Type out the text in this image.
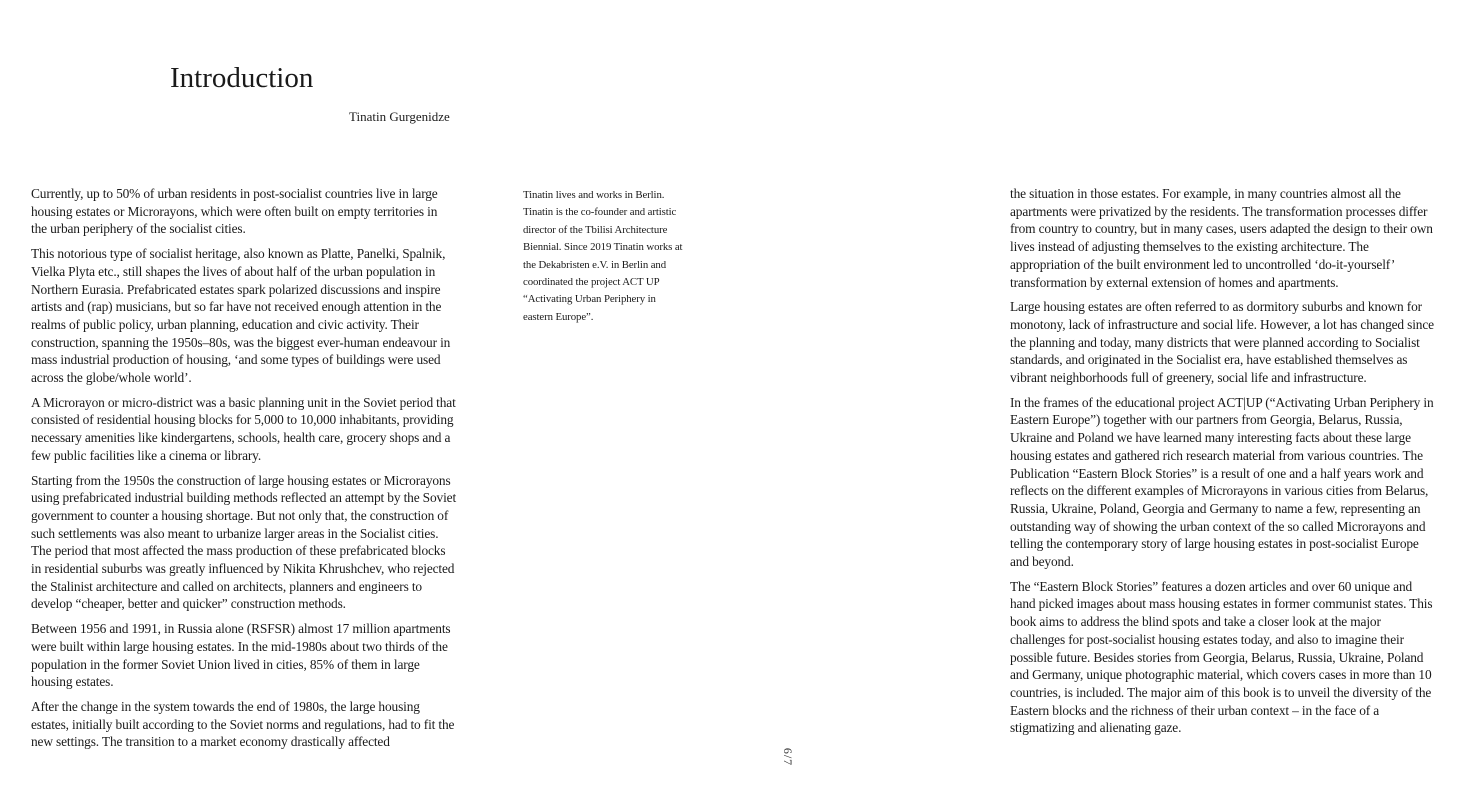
Introduction
Tinatin Gurgenidze

Currently, up to 50% of urban residents in post-socialist countries live in large housing estates or Microrayons, which were often built on empty territories in the urban periphery of the socialist cities.

This notorious type of socialist heritage, also known as Platte, Panelki, Spalnik, Vielka Plyta etc., still shapes the lives of about half of the urban population in Northern Eurasia. Prefabricated estates spark polarized discussions and inspire artists and (rap) musicians, but so far have not received enough attention in the realms of public policy, urban planning, education and civic activity. Their construction, spanning the 1950s–80s, was the biggest ever-human endeavour in mass industrial production of housing, ‘and some types of buildings were used across the globe/whole world’.

A Microrayon or micro-district was a basic planning unit in the Soviet period that consisted of residential housing blocks for 5,000 to 10,000 inhabitants, providing necessary amenities like kindergartens, schools, health care, grocery shops and a few public facilities like a cinema or library.

Starting from the 1950s the construction of large housing estates or Microrayons using prefabricated industrial building methods reflected an attempt by the Soviet government to counter a housing shortage. But not only that, the construction of such settlements was also meant to urbanize larger areas in the Socialist cities. The period that most affected the mass production of these prefabricated blocks in residential suburbs was greatly influenced by Nikita Khrushchev, who rejected the Stalinist architecture and called on architects, planners and engineers to develop “cheaper, better and quicker” construction methods.

Between 1956 and 1991, in Russia alone (RSFSR) almost 17 million apartments were built within large housing estates. In the mid-1980s about two thirds of the population in the former Soviet Union lived in cities, 85% of them in large housing estates.

After the change in the system towards the end of 1980s, the large housing estates, initially built according to the Soviet norms and regulations, had to fit the new settings. The transition to a market economy drastically affected

Tinatin lives and works in Berlin. Tinatin is the co-founder and artistic director of the Tbilisi Architecture Biennial. Since 2019 Tinatin works at the Dekabristen e.V. in Berlin and coordinated the project ACT UP “Activating Urban Periphery in eastern Europe”.

the situation in those estates. For example, in many countries almost all the apartments were privatized by the residents. The transformation processes differ from country to country, but in many cases, users adapted the design to their own lives instead of adjusting themselves to the existing architecture. The appropriation of the built environment led to uncontrolled ‘do-it-yourself’ transformation by external extension of homes and apartments.

Large housing estates are often referred to as dormitory suburbs and known for monotony, lack of infrastructure and social life. However, a lot has changed since the planning and today, many districts that were planned according to Socialist standards, and originated in the Socialist era, have established themselves as vibrant neighborhoods full of greenery, social life and infrastructure.

In the frames of the educational project ACT|UP (“Activating Urban Periphery in Eastern Europe”) together with our partners from Georgia, Belarus, Russia, Ukraine and Poland we have learned many interesting facts about these large housing estates and gathered rich research material from various countries. The Publication “Eastern Block Stories” is a result of one and a half years work and reflects on the different examples of Microrayons in various cities from Belarus, Russia, Ukraine, Poland, Georgia and Germany to name a few, representing an outstanding way of showing the urban context of the so called Microrayons and telling the contemporary story of large housing estates in post-socialist Europe and beyond.

The “Eastern Block Stories” features a dozen articles and over 60 unique and hand picked images about mass housing estates in former communist states. This book aims to address the blind spots and take a closer look at the major challenges for post-socialist housing estates today, and also to imagine their possible future. Besides stories from Georgia, Belarus, Russia, Ukraine, Poland and Germany, unique photographic material, which covers cases in more than 10 countries, is included. The major aim of this book is to unveil the diversity of the Eastern blocks and the richness of their urban context – in the face of a stigmatizing and alienating gaze.

6/7
